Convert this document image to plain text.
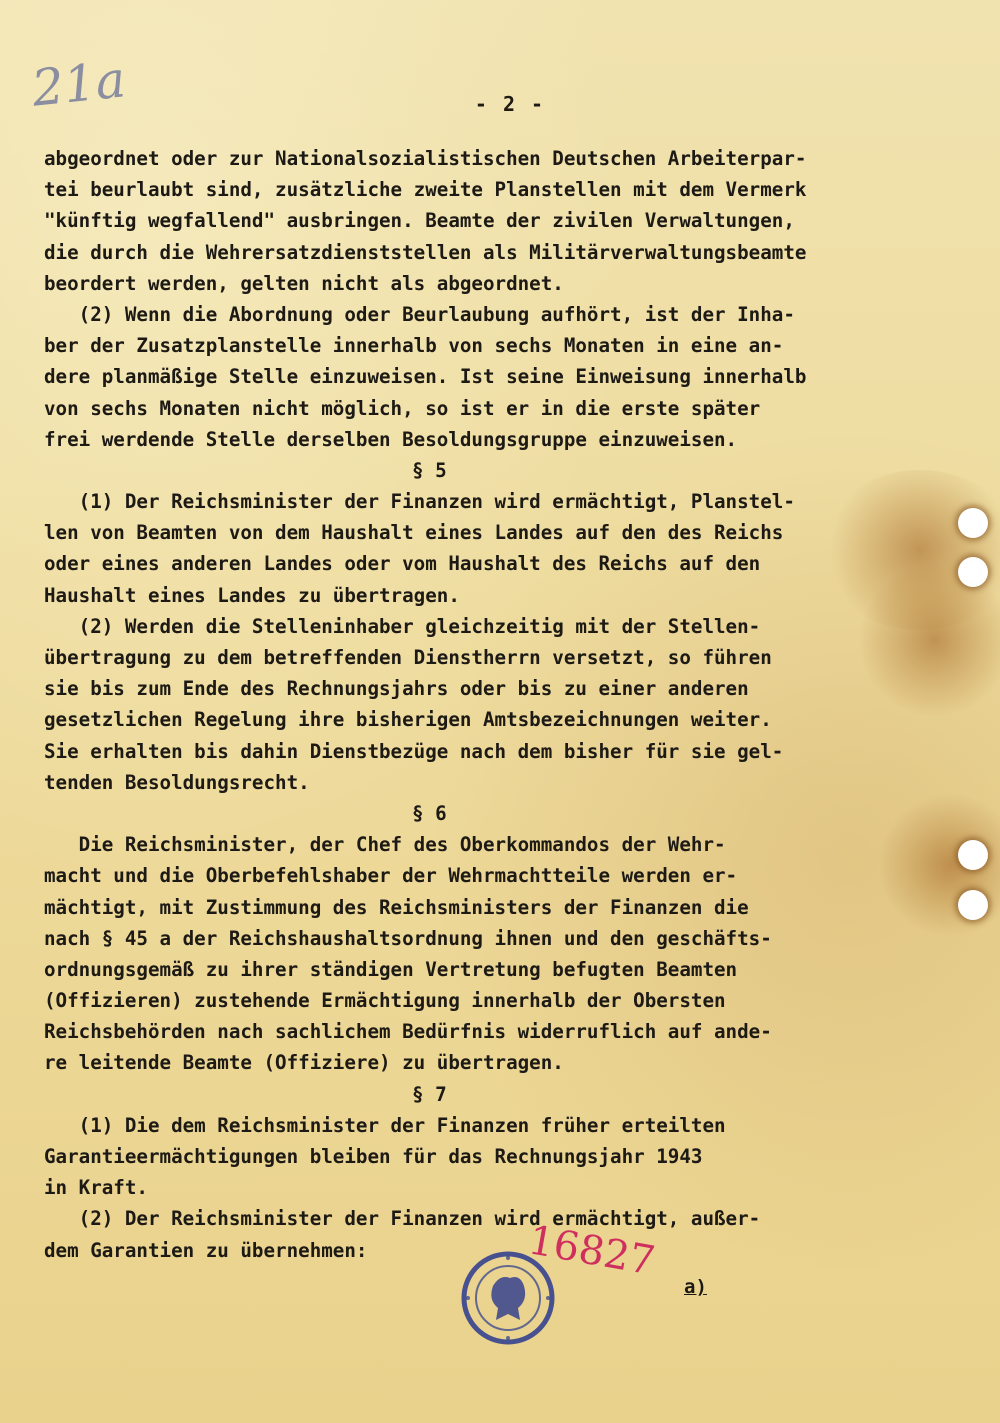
21a	- 2 -
abgeordnet oder zur Nationalsozialistischen Deutschen Arbeiterpar-
tei beurlaubt sind, zusätzliche zweite Planstellen mit dem Vermerk
"künftig wegfallend" ausbringen. Beamte der zivilen Verwaltungen,
die durch die Wehrersatzdienststellen als Militärverwaltungsbeamte
beordert werden, gelten nicht als abgeordnet.
(2) Wenn die Abordnung oder Beurlaubung aufhört, ist der Inha-
ber der Zusatzplanstelle innerhalb von sechs Monaten in eine an-
dere planmäßige Stelle einzuweisen. Ist seine Einweisung innerhalb
von sechs Monaten nicht möglich, so ist er in die erste später
frei werdende Stelle derselben Besoldungsgruppe einzuweisen.
§ 5
(1) Der Reichsminister der Finanzen wird ermächtigt, Planstel-
len von Beamten von dem Haushalt eines Landes auf den des Reichs
oder eines anderen Landes oder vom Haushalt des Reichs auf den
Haushalt eines Landes zu übertragen.
(2) Werden die Stelleninhaber gleichzeitig mit der Stellen-
übertragung zu dem betreffenden Dienstherrn versetzt, so führen
sie bis zum Ende des Rechnungsjahrs oder bis zu einer anderen
gesetzlichen Regelung ihre bisherigen Amtsbezeichnungen weiter.
Sie erhalten bis dahin Dienstbezüge nach dem bisher für sie gel-
tenden Besoldungsrecht.
§ 6
Die Reichsminister, der Chef des Oberkommandos der Wehr-
macht und die Oberbefehlshaber der Wehrmachtteile werden er-
mächtigt, mit Zustimmung des Reichsministers der Finanzen die
nach § 45 a der Reichshaushaltsordnung ihnen und den geschäfts-
ordnungsgemäß zu ihrer ständigen Vertretung befugten Beamten
(Offizieren) zustehende Ermächtigung innerhalb der Obersten
Reichsbehörden nach sachlichem Bedürfnis widerruflich auf ande-
re leitende Beamte (Offiziere) zu übertragen.
§ 7
(1) Die dem Reichsminister der Finanzen früher erteilten
Garantieermächtigungen bleiben für das Rechnungsjahr 1943
in Kraft.
(2) Der Reichsminister der Finanzen wird ermächtigt, außer-
dem Garantien zu übernehmen:	16827
a)
